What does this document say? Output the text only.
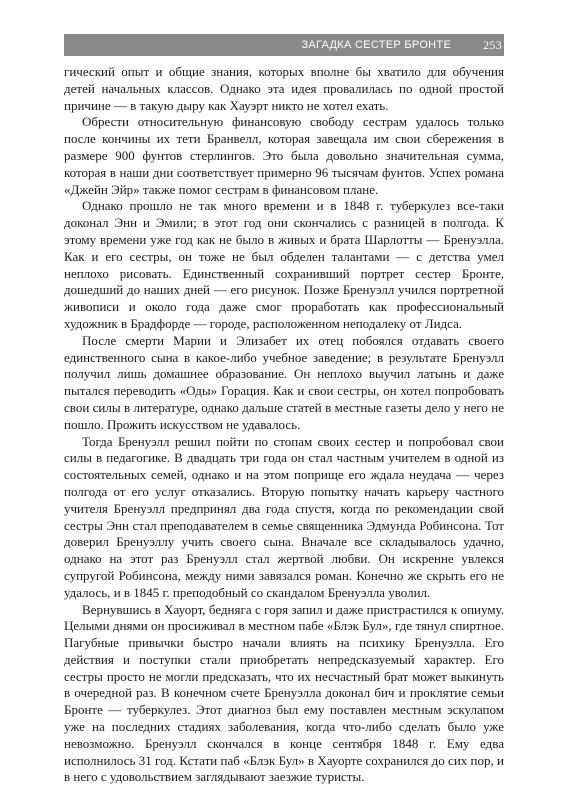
ЗАГАДКА СЕСТЕР БРОНТЕ	253

гический опыт и общие знания, которых вполне бы хватило для обучения детей начальных классов. Однако эта идея провалилась по одной простой причине — в такую дыру как Хауэрт никто не хотел ехать.

Обрести относительную финансовую свободу сестрам удалось только после кончины их тети Бранвелл, которая завещала им свои сбережения в размере 900 фунтов стерлингов. Это была довольно значительная сумма, которая в наши дни соответствует примерно 96 тысячам фунтов. Успех романа «Джейн Эйр» также помог сестрам в финансовом плане.

Однако прошло не так много времени и в 1848 г. туберкулез все-таки доконал Энн и Эмили; в этот год они скончались с разницей в полгода. К этому времени уже год как не было в живых и брата Шарлотты — Бренуэлла. Как и его сестры, он тоже не был обделен талантами — с детства умел неплохо рисовать. Единственный сохранивший портрет сестер Бронте, дошедший до наших дней — его рисунок. Позже Бренуэлл учился портретной живописи и около года даже смог проработать как профессиональный художник в Брадфорде — городе, расположенном неподалеку от Лидса.

После смерти Марии и Элизабет их отец побоялся отдавать своего единственного сына в какое-либо учебное заведение; в результате Бренуэлл получил лишь домашнее образование. Он неплохо выучил латынь и даже пытался переводить «Оды» Горация. Как и свои сестры, он хотел попробовать свои силы в литературе, однако дальше статей в местные газеты дело у него не пошло. Прожить искусством не удавалось.

Тогда Бренуэлл решил пойти по стопам своих сестер и попробовал свои силы в педагогике. В двадцать три года он стал частным учителем в одной из состоятельных семей, однако и на этом поприще его ждала неудача — через полгода от его услуг отказались. Вторую попытку начать карьеру частного учителя Бренуэлл предпринял два года спустя, когда по рекомендации свой сестры Энн стал преподавателем в семье священника Эдмунда Робинсона. Тот доверил Бренуэллу учить своего сына. Вначале все складывалось удачно, однако на этот раз Бренуэлл стал жертвой любви. Он искренне увлекся супругой Робинсона, между ними завязался роман. Конечно же скрыть его не удалось, и в 1845 г. преподобный со скандалом Бренуэлла уволил.

Вернувшись в Хауорт, бедняга с горя запил и даже пристрастился к опиуму. Целыми днями он просиживал в местном пабе «Блэк Бул», где тянул спиртное. Пагубные привычки быстро начали влиять на психику Бренуэлла. Его действия и поступки стали приобретать непредсказуемый характер. Его сестры просто не могли предсказать, что их несчастный брат может выкинуть в очередной раз. В конечном счете Бренуэлла доконал бич и проклятие семьи Бронте — туберкулез. Этот диагноз был ему поставлен местным эскулапом уже на последних стадиях заболевания, когда что-либо сделать было уже невозможно. Бренуэлл скончался в конце сентября 1848 г. Ему едва исполнилось 31 год. Кстати паб «Блэк Бул» в Хауорте сохранился до сих пор, и в него с удовольствием заглядывают заезжие туристы.
